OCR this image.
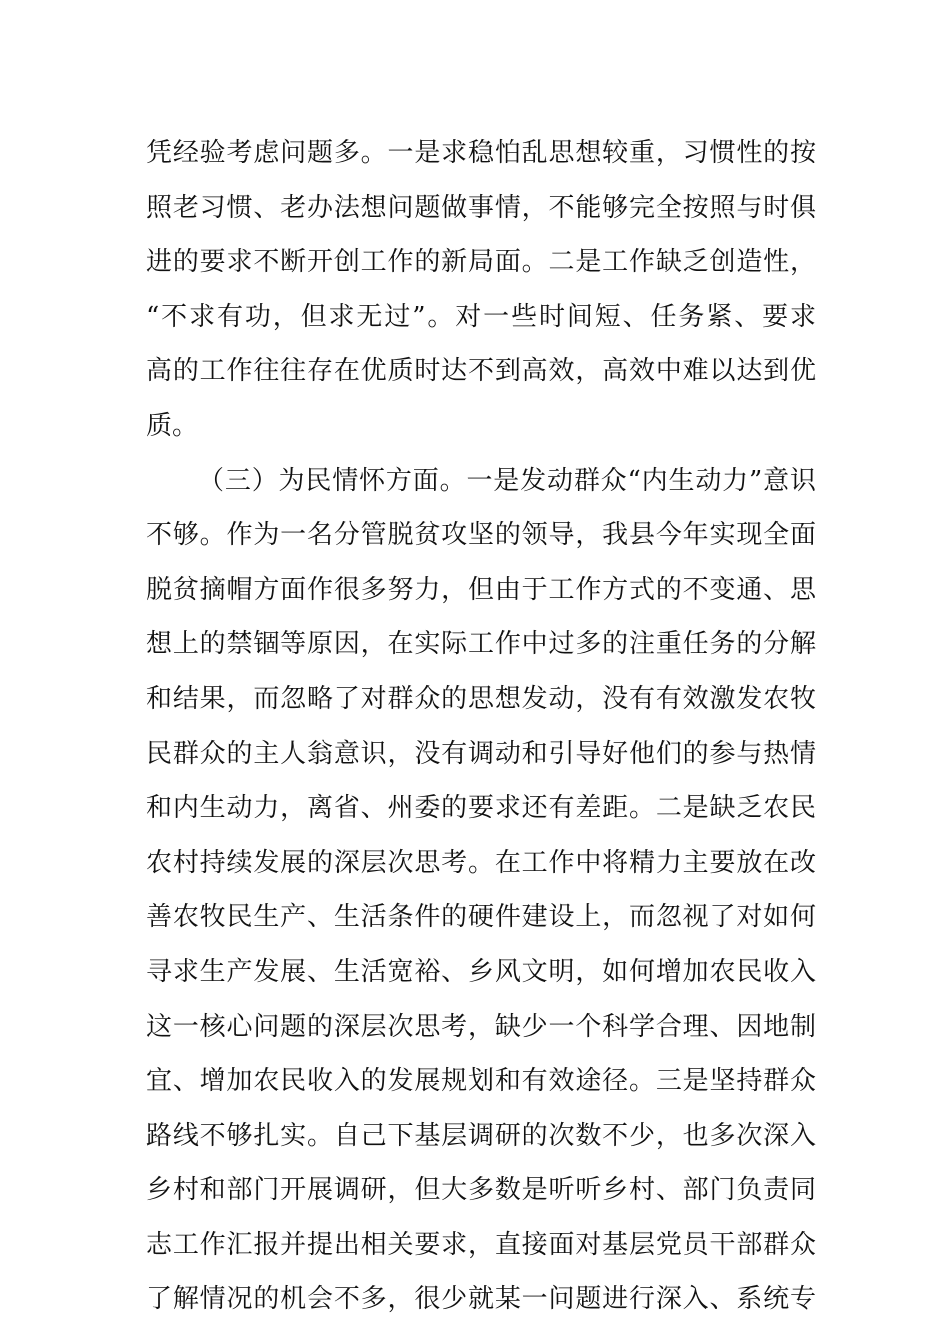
凭经验考虑问题多。一是求稳怕乱思想较重，习惯性的按
照老习惯、老办法想问题做事情，不能够完全按照与时俱
进的要求不断开创工作的新局面。二是工作缺乏创造性，
“不求有功，但求无过”。对一些时间短、任务紧、要求
高的工作往往存在优质时达不到高效，高效中难以达到优
质。
（三）为民情怀方面。一是发动群众“内生动力”意识
不够。作为一名分管脱贫攻坚的领导，我县今年实现全面
脱贫摘帽方面作很多努力，但由于工作方式的不变通、思
想上的禁锢等原因，在实际工作中过多的注重任务的分解
和结果，而忽略了对群众的思想发动，没有有效激发农牧
民群众的主人翁意识，没有调动和引导好他们的参与热情
和内生动力，离省、州委的要求还有差距。二是缺乏农民
农村持续发展的深层次思考。在工作中将精力主要放在改
善农牧民生产、生活条件的硬件建设上，而忽视了对如何
寻求生产发展、生活宽裕、乡风文明，如何增加农民收入
这一核心问题的深层次思考，缺少一个科学合理、因地制
宜、增加农民收入的发展规划和有效途径。三是坚持群众
路线不够扎实。自己下基层调研的次数不少，也多次深入
乡村和部门开展调研，但大多数是听听乡村、部门负责同
志工作汇报并提出相关要求，直接面对基层党员干部群众
了解情况的机会不多，很少就某一问题进行深入、系统专
